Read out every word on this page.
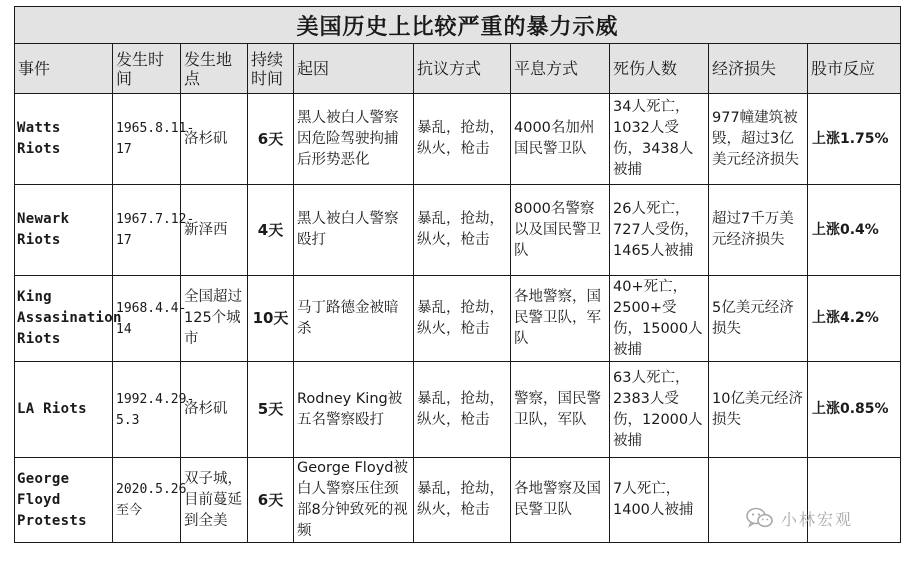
美国历史上比较严重的暴力示威									
事件	发生时间	发生地点	持续时间	起因	抗议方式	平息方式	死伤人数	经济损失	股市反应
Watts Riots	1965.8.11-17	洛杉矶	6天	黑人被白人警察因危险驾驶拘捕后形势恶化	暴乱，抢劫，纵火，枪击	4000名加州国民警卫队	34人死亡，1032人受伤，3438人被捕	977幢建筑被毁，超过3亿美元经济损失	上涨1.75%
Newark Riots	1967.7.12-17	新泽西	4天	黑人被白人警察殴打	暴乱，抢劫，纵火，枪击	8000名警察以及国民警卫队	26人死亡，727人受伤，1465人被捕	超过7千万美元经济损失	上涨0.4%
King Assasination Riots	1968.4.4-14	全国超过125个城市	10天	马丁路德金被暗杀	暴乱，抢劫，纵火，枪击	各地警察，国民警卫队，军队	40+死亡，2500+受伤，15000人被捕	5亿美元经济损失	上涨4.2%
LA Riots	1992.4.29-5.3	洛杉矶	5天	Rodney King被五名警察殴打	暴乱，抢劫，纵火，枪击	警察，国民警卫队，军队	63人死亡，2383人受伤，12000人被捕	10亿美元经济损失	上涨0.85%
George Floyd Protests	2020.5.26至今	双子城，目前蔓延到全美	6天	George Floyd被白人警察压住颈部8分钟致死的视频	暴乱，抢劫，纵火，枪击	各地警察及国民警卫队	7人死亡，1400人被捕			小林宏观
